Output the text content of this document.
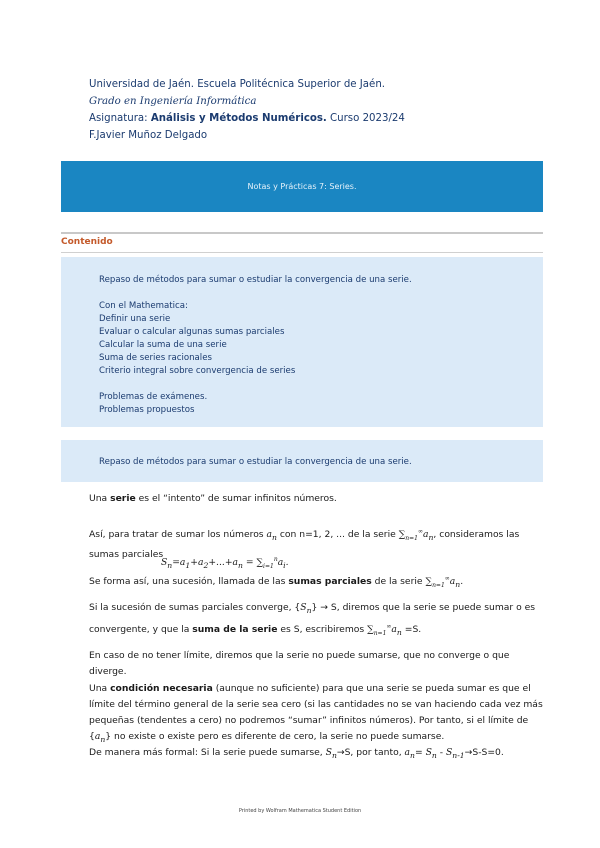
Universidad de Jaén. Escuela Politécnica Superior de Jaén.
Grado en Ingeniería Informática
Asignatura: Análisis y Métodos Numéricos. Curso 2023/24
F.Javier Muñoz Delgado
Notas y Prácticas 7: Series.
Contenido
Repaso de métodos para sumar o estudiar la convergencia de una serie.
Con el Mathematica:
Definir una serie
Evaluar o calcular algunas sumas parciales
Calcular la suma de una serie
Suma de series racionales
Criterio integral sobre convergencia de series
Problemas de exámenes.
Problemas propuestos
Repaso de métodos para sumar o estudiar la convergencia de una serie.
Una serie es el “intento” de sumar infinitos números.
Así, para tratar de sumar los números $a_n$ con n=1, 2, ... de la serie $\sum_{n=1}^\infty a_n$, consideramos las sumas parciales
$S_n=a_1+a_2+...+a_n = \sum_{i=1}^na_i$.
Se forma así, una sucesión, llamada de las sumas parciales de la serie $\sum_{n=1}^\infty a_n$.
Si la sucesión de sumas parciales converge, $\{S_n\} \to S$, diremos que la serie se puede sumar o es convergente, y que la suma de la serie es S, escribiremos $\sum_{n=1}^\infty a_n =S$.
En caso de no tener límite, diremos que la serie no puede sumarse, que no converge o que diverge.
Una condición necesaria (aunque no suficiente) para que una serie se pueda sumar es que el límite del término general de la serie sea cero (si las cantidades no se van haciendo cada vez más pequeñas (tendentes a cero) no podremos “sumar” infinitos números). Por tanto, si el límite de $\{a_n\}$ no existe o existe pero es diferente de cero, la serie no puede sumarse.
De manera más formal: Si la serie puede sumarse, $S_n\to S$, por tanto, $a_n= S_n - S_{n-1}\to S-S=0$.
Printed by Wolfram Mathematica Student Edition
